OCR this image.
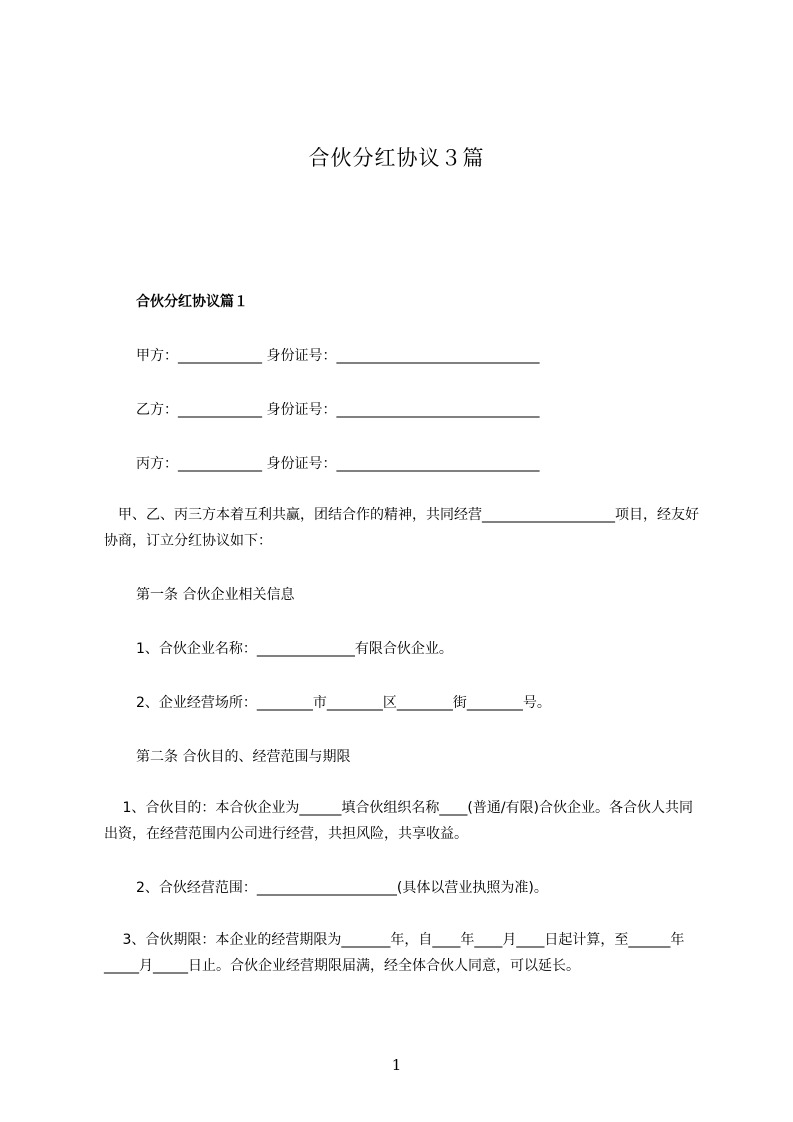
合伙分红协议３篇
合伙分红协议篇１
甲方：____________ 身份证号：_____________________________
乙方：____________ 身份证号：_____________________________
丙方：____________ 身份证号：_____________________________
　甲、乙、丙三方本着互利共赢，团结合作的精神，共同经营___________________项目，经友好协商，订立分红协议如下：
第一条 合伙企业相关信息
1、合伙企业名称：______________有限合伙企业。
2、企业经营场所：________市________区________街________号。
第二条 合伙目的、经营范围与期限
　 1、合伙目的：本合伙企业为______填合伙组织名称____(普通/有限)合伙企业。各合伙人共同出资，在经营范围内公司进行经营，共担风险，共享收益。
2、合伙经营范围：____________________(具体以营业执照为准)。
　 3、合伙期限：本企业的经营期限为_______年，自____年____月____日起计算，至______年_____月_____日止。合伙企业经营期限届满，经全体合伙人同意，可以延长。
1
